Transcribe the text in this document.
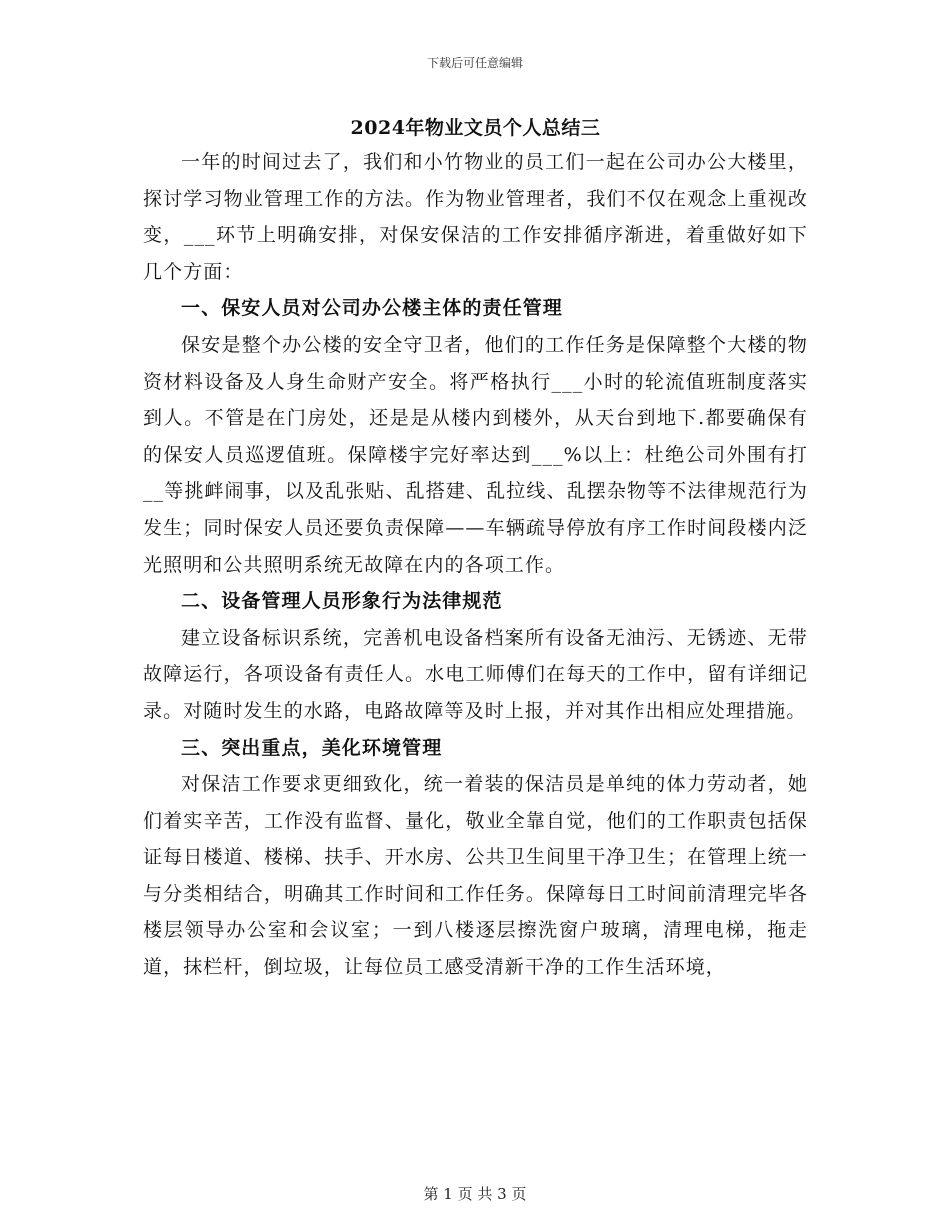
下载后可任意编辑
2024年物业文员个人总结三

一年的时间过去了，我们和小竹物业的员工们一起在公司办公大楼里，探讨学习物业管理工作的方法。作为物业管理者，我们不仅在观念上重视改变，___环节上明确安排，对保安保洁的工作安排循序渐进，着重做好如下几个方面：

一、保安人员对公司办公楼主体的责任管理

保安是整个办公楼的安全守卫者，他们的工作任务是保障整个大楼的物资材料设备及人身生命财产安全。将严格执行___小时的轮流值班制度落实到人。不管是在门房处，还是是从楼内到楼外，从天台到地下.都要确保有的保安人员巡逻值班。保障楼宇完好率达到___%以上：杜绝公司外围有打__等挑衅闹事，以及乱张贴、乱搭建、乱拉线、乱摆杂物等不法律规范行为发生；同时保安人员还要负责保障——车辆疏导停放有序工作时间段楼内泛光照明和公共照明系统无故障在内的各项工作。

二、设备管理人员形象行为法律规范

建立设备标识系统，完善机电设备档案所有设备无油污、无锈迹、无带故障运行，各项设备有责任人。水电工师傅们在每天的工作中，留有详细记录。对随时发生的水路，电路故障等及时上报，并对其作出相应处理措施。

三、突出重点，美化环境管理

对保洁工作要求更细致化，统一着装的保洁员是单纯的体力劳动者，她们着实辛苦，工作没有监督、量化，敬业全靠自觉，他们的工作职责包括保证每日楼道、楼梯、扶手、开水房、公共卫生间里干净卫生；在管理上统一与分类相结合，明确其工作时间和工作任务。保障每日工时间前清理完毕各楼层领导办公室和会议室；一到八楼逐层擦洗窗户玻璃，清理电梯，拖走道，抹栏杆，倒垃圾，让每位员工感受清新干净的工作生活环境，

第 1 页 共 3 页
